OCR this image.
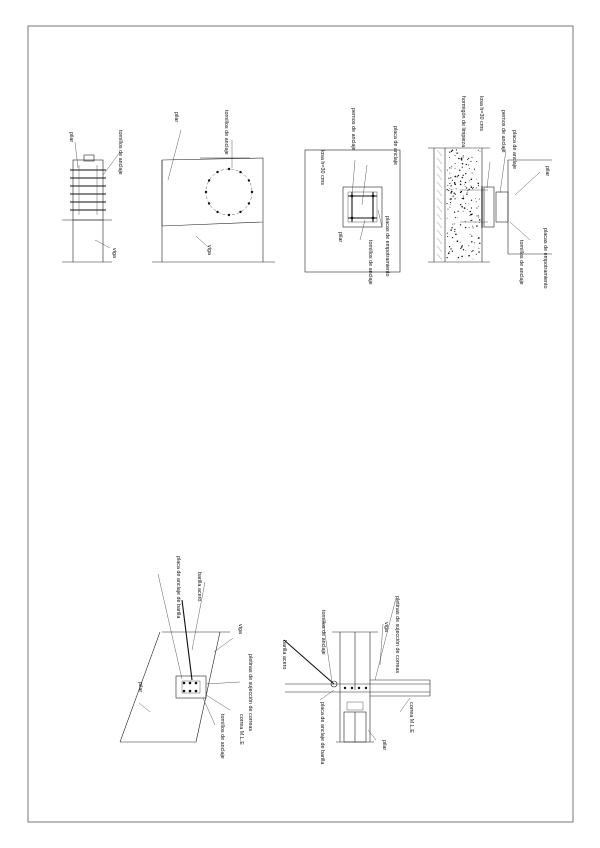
pilar	tornillos de anclaje
viga
pilar	tornillos de anclaje
viga
placa de anclaje
pernos de anclaje
losa h=30 cms
pilar	placas de empotramiento
tornillos de anclaje
losa h=30 cms
hormigón de limpieza
placa de anclaje
pernos de anclaje
pilar
placas de empotramiento
tornillos de anclaje
barilla acero
placa de anclaje de barilla
viga
pletinas de sujección de correas
correa M.L.E
tornillos de anclaje
pilar
pletinas de sujección de correas
viga
tornillos de anclaje
barilla acero
correa M.L.E
placa de anclaje de barilla	pilar
